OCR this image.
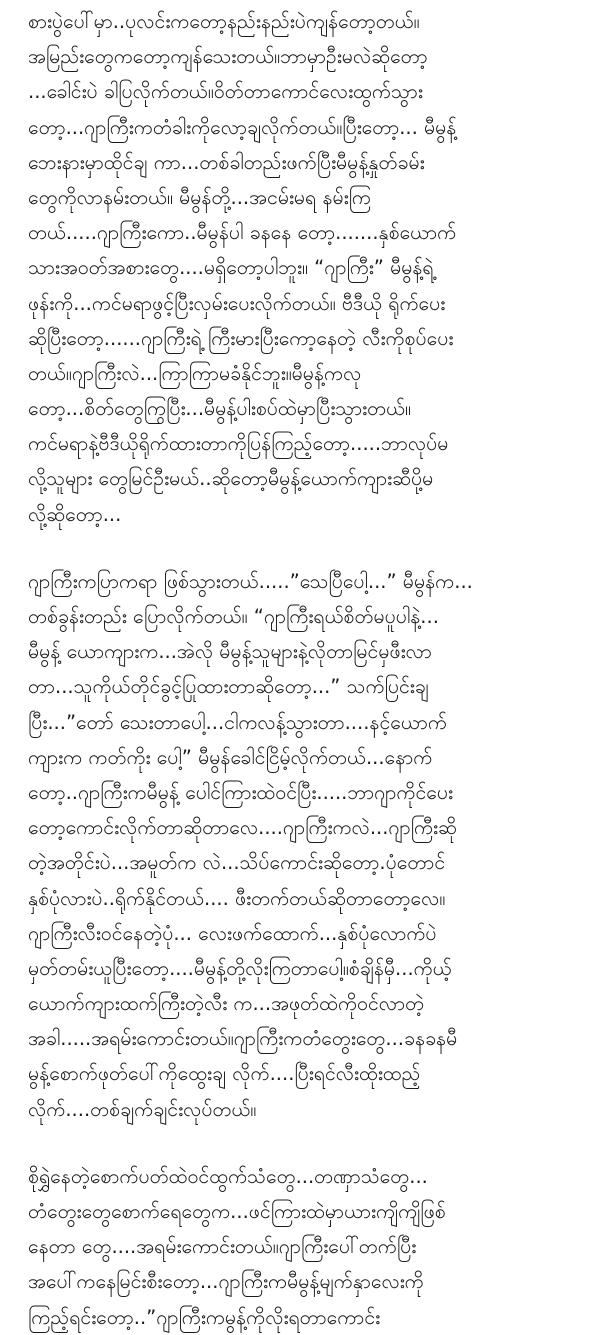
စားပွဲပေါ်မှာ..ပုလင်းကတော့နည်းနည်းပဲကျန်တော့တယ်။
အမြည်းတွေကတော့ကျန်သေးတယ်။ဘာမှာဦးမလဲဆိုတော့
...ခေါင်းပဲ ခါပြလိုက်တယ်။ဝိတ်တာကောင်လေးထွက်သွား
တော့...ဂျာကြီးကတံခါးကိုလော့ချလိုက်တယ်။ပြီးတော့... မီမွန့်
ဘေးနားမှာထိုင်ချ ကာ...တစ်ခါတည်းဖက်ပြီးမီမွန့်နှုတ်ခမ်း
တွေကိုလာနမ်းတယ်။ မီမွန်တို့...အငမ်းမရ နမ်းကြ
တယ်.....ဂျာကြီးကော..မီမွန်ပါ ခနနေ တော့.......နှစ်ယောက်
သားအဝတ်အစားတွေ....မရှိတော့ပါဘူး။ “ဂျာကြီး” မီမွန့်ရဲ့
ဖုန်းကို...ကင်မရာဖွင့်ပြီးလှမ်းပေးလိုက်တယ်။ ဗီဒီယို ရိုက်ပေး
ဆိုပြီးတော့......ဂျာကြီးရဲ့ ကြီးမားပြီးကော့နေတဲ့ လီးကိုစုပ်ပေး
တယ်။ဂျာကြီးလဲ...ကြာကြာမခံနိုင်ဘူး။မီမွန့်ကလု
တော့...စိတ်တွေကြွပြီး...မီမွန့်ပါးစပ်ထဲမှာပြီးသွားတယ်။
ကင်မရာနဲ့ဗီဒီယိုရိုက်ထားတာကိုပြန်ကြည့်တော့.....ဘာလုပ်မ
လို့သူများ တွေမြင်ဦးမယ်..ဆိုတော့မီမွန့်ယောက်ကျားဆီပို့မ
လို့ဆိုတော့...
ဂျာကြီးကပြာကရာ ဖြစ်သွားတယ်.....”သေပြီပေါ့...” မီမွန်က...
တစ်ခွန်းတည်း ပြောလိုက်တယ်။ “ဂျာကြီးရယ်စိတ်မပူပါနဲ့...
မီမွန့် ယောကျားက...အဲလို မီမွန့်သူများနဲ့လိုတာမြင်မှဖီးလာ
တာ...သူကိုယ်တိုင်ခွင့်ပြုထားတာဆိုတော့...” သက်ပြင်းချ
ပြီး...”တော် သေးတာပေါ့...ငါကလန့်သွားတာ....နင့်ယောက်
ကျားက ကတ်ကိုး ပေါ့” မီမွန်ခေါင်ငြိမ့်လိုက်တယ်...နောက်
တော့..ဂျာကြီးကမီမွန့် ပေါင်ကြားထဲဝင်ပြီး.....ဘာဂျာကိုင်ပေး
တော့ကောင်းလိုက်တာဆိုတာလေ....ဂျာကြီးကလဲ...ဂျာကြီးဆို
တဲ့အတိုင်းပဲ...အမူတ်က လဲ...သိပ်ကောင်းဆိုတော့.ပုံတောင်
နှစ်ပုံလားပဲ..ရိုက်နိုင်တယ်.... ဖီးတက်တယ်ဆိုတာတော့လေ။
ဂျာကြီးလီးဝင်နေတဲ့ပုံ... လေးဖက်ထောက်...နှစ်ပုံလောက်ပဲ
မှတ်တမ်းယူပြီးတော့....မီမွန့်တို့လိုးကြတာပေါ့။စံချိန်မှီ...ကိုယ့်
ယောက်ကျားထက်ကြီးတဲ့လီး က...အဖုတ်ထဲကိုဝင်လာတဲ့
အခါ.....အရမ်းကောင်းတယ်။ဂျာကြီးကတံတွေးတွေ...ခနခနမီ
မွန့်စောက်ဖုတ်ပေါ်ကိုထွေးချ လိုက်....ပြီးရင်လီးထိုးထည့်
လိုက်....တစ်ချက်ချင်းလုပ်တယ်။
စိုရွှဲနေတဲ့စောက်ပတ်ထဲဝင်ထွက်သံတွေ...တဏှာသံတွေ...
တံတွေးတွေစောက်ရေတွေက...ဖင်ကြားထဲမှာယားကျိကျိဖြစ်
နေတာ တွေ....အရမ်းကောင်းတယ်။ဂျာကြီးပေါ်တက်ပြီး
အပေါ်ကနေမြင်းစီးတော့...ဂျာကြီးကမီမွန့်မျက်နှာလေးကို
ကြည့်ရင်းတော့..”ဂျာကြီးကမွန့်ကိုလိုးရတာကောင်း
